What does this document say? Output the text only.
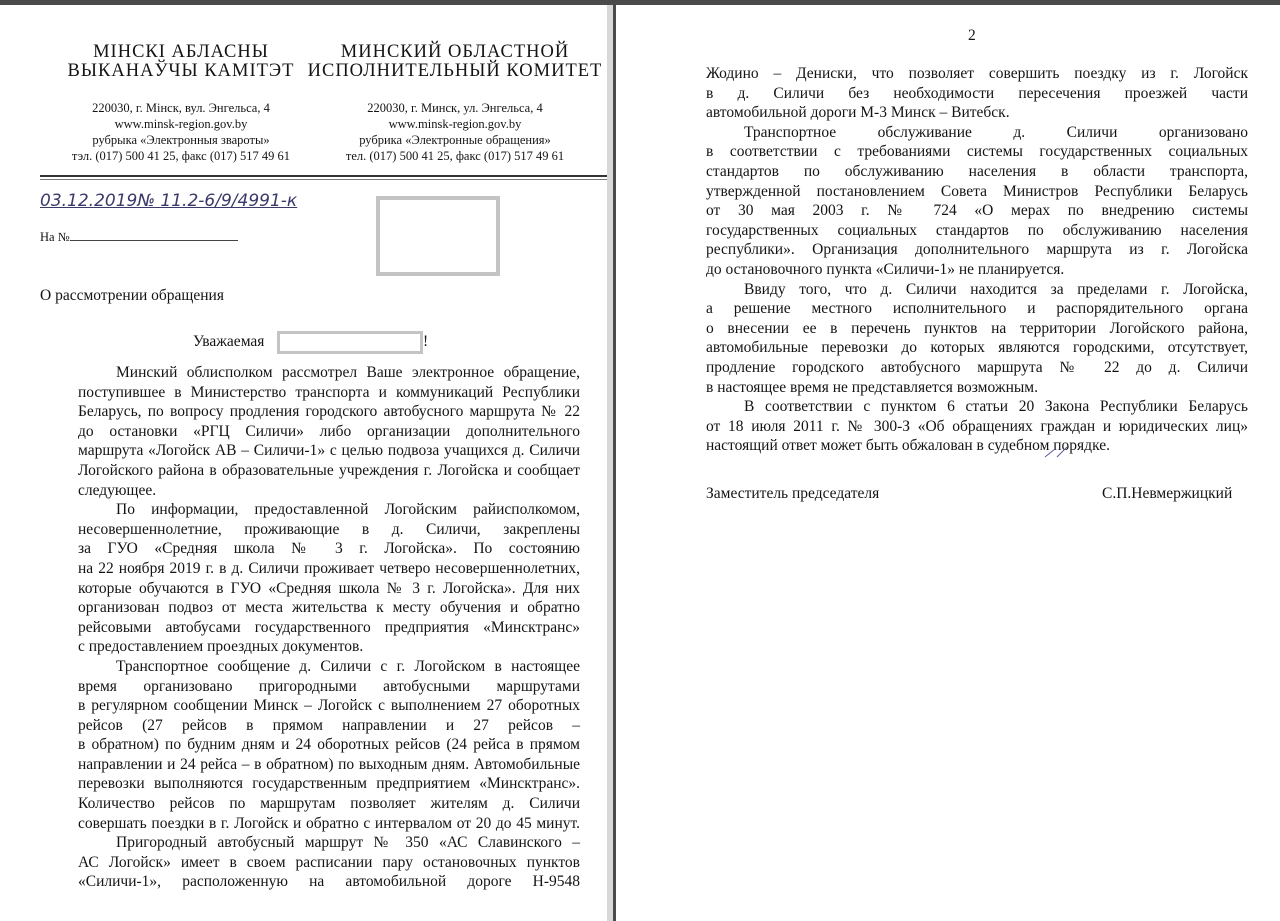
МІНСКІ АБЛАСНЫ
ВЫКАНАЎЧЫ КАМІТЭТ
220030, г. Мінск, вул. Энгельса, 4
www.minsk-region.gov.by
рубрыка «Электронныя звароты»
тэл. (017) 500 41 25, факс (017) 517 49 61
МИНСКИЙ ОБЛАСТНОЙ
ИСПОЛНИТЕЛЬНЫЙ КОМИТЕТ
220030, г. Минск, ул. Энгельса, 4
www.minsk-region.gov.by
рубрика «Электронные обращения»
тел. (017) 500 41 25, факс (017) 517 49 61
03.12.2019№ 11.2-6/9/4991-к
На №
О рассмотрении обращения
Уважаемая	!
Минский облисполком рассмотрел Ваше электронное обращение,
поступившее в Министерство транспорта и коммуникаций Республики
Беларусь, по вопросу продления городского автобусного маршрута № 22
до остановки «РГЦ Силичи» либо организации дополнительного
маршрута «Логойск АВ – Силичи-1» с целью подвоза учащихся д. Силичи
Логойского района в образовательные учреждения г. Логойска и сообщает
следующее.
По информации, предоставленной Логойским райисполкомом,
несовершеннолетние, проживающие в д. Силичи, закреплены
за ГУО «Средняя школа № 3 г. Логойска». По состоянию
на 22 ноября 2019 г. в д. Силичи проживает четверо несовершеннолетних,
которые обучаются в ГУО «Средняя школа № 3 г. Логойска». Для них
организован подвоз от места жительства к месту обучения и обратно
рейсовыми автобусами государственного предприятия «Минсктранс»
с предоставлением проездных документов.
Транспортное сообщение д. Силичи с г. Логойском в настоящее
время организовано пригородными автобусными маршрутами
в регулярном сообщении Минск – Логойск с выполнением 27 оборотных
рейсов (27 рейсов в прямом направлении и 27 рейсов –
в обратном) по будним дням и 24 оборотных рейсов (24 рейса в прямом
направлении и 24 рейса – в обратном) по выходным дням. Автомобильные
перевозки выполняются государственным предприятием «Минсктранс».
Количество рейсов по маршрутам позволяет жителям д. Силичи
совершать поездки в г. Логойск и обратно с интервалом от 20 до 45 минут.
Пригородный автобусный маршрут № 350 «АС Славинского –
АС Логойск» имеет в своем расписании пару остановочных пунктов
«Силичи-1», расположенную на автомобильной дороге Н-9548
2
Жодино – Дениски, что позволяет совершить поездку из г. Логойск
в д. Силичи без необходимости пересечения проезжей части
автомобильной дороги М-3 Минск – Витебск.
Транспортное обслуживание д. Силичи организовано
в соответствии с требованиями системы государственных социальных
стандартов по обслуживанию населения в области транспорта,
утвержденной постановлением Совета Министров Республики Беларусь
от 30 мая 2003 г. № 724 «О мерах по внедрению системы
государственных социальных стандартов по обслуживанию населения
республики». Организация дополнительного маршрута из г. Логойска
до остановочного пункта «Силичи-1» не планируется.
Ввиду того, что д. Силичи находится за пределами г. Логойска,
а решение местного исполнительного и распорядительного органа
о внесении ее в перечень пунктов на территории Логойского района,
автомобильные перевозки до которых являются городскими, отсутствует,
продление городского автобусного маршрута № 22 до д. Силичи
в настоящее время не представляется возможным.
В соответствии с пунктом 6 статьи 20 Закона Республики Беларусь
от 18 июля 2011 г. № 300-З «Об обращениях граждан и юридических лиц»
настоящий ответ может быть обжалован в судебном порядке.
Заместитель председателя	С.П.Невмержицкий
